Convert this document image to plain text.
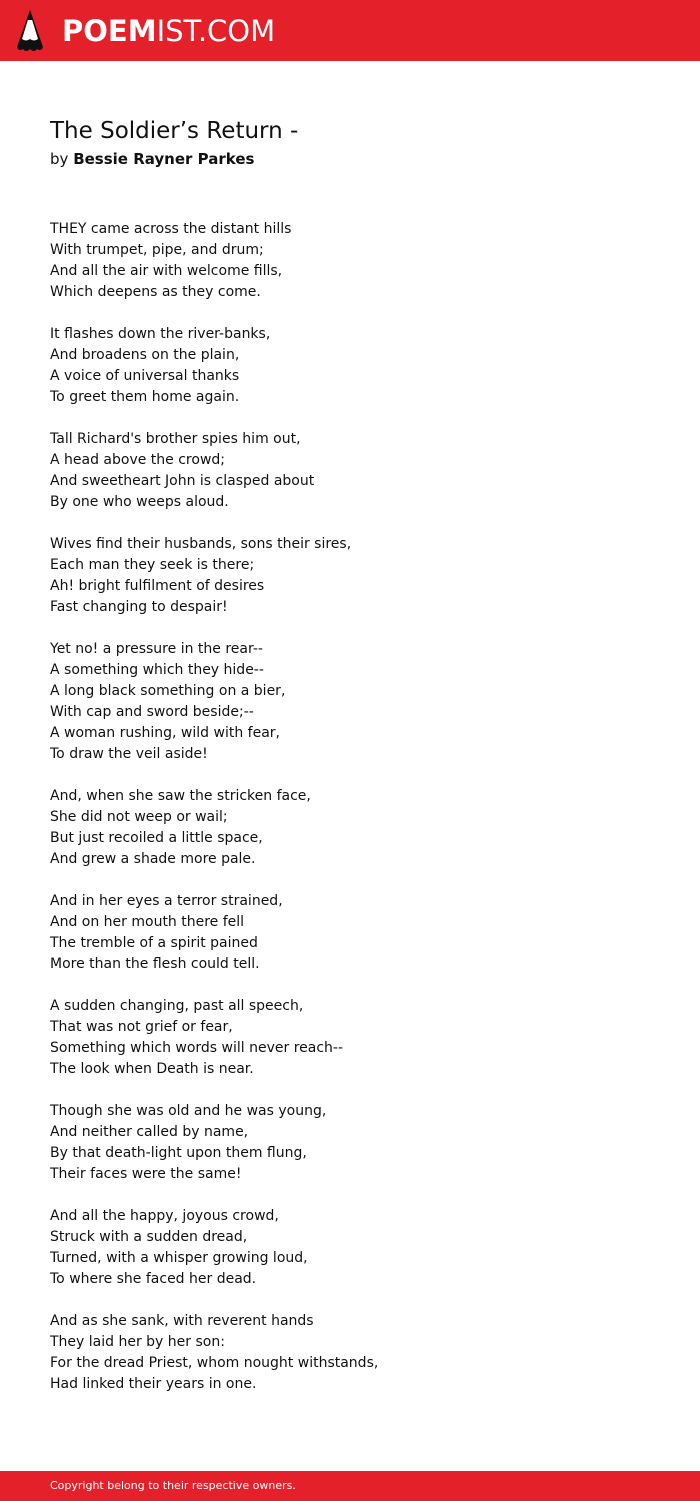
POEMIST.COM
The Soldier’s Return -
by Bessie Rayner Parkes
THEY came across the distant hills
With trumpet, pipe, and drum;
And all the air with welcome fills,
Which deepens as they come.
It flashes down the river-banks,
And broadens on the plain,
A voice of universal thanks
To greet them home again.
Tall Richard's brother spies him out,
A head above the crowd;
And sweetheart John is clasped about
By one who weeps aloud.
Wives find their husbands, sons their sires,
Each man they seek is there;
Ah! bright fulfilment of desires
Fast changing to despair!
Yet no! a pressure in the rear--
A something which they hide--
A long black something on a bier,
With cap and sword beside;--
A woman rushing, wild with fear,
To draw the veil aside!
And, when she saw the stricken face,
She did not weep or wail;
But just recoiled a little space,
And grew a shade more pale.
And in her eyes a terror strained,
And on her mouth there fell
The tremble of a spirit pained
More than the flesh could tell.
A sudden changing, past all speech,
That was not grief or fear,
Something which words will never reach--
The look when Death is near.
Though she was old and he was young,
And neither called by name,
By that death-light upon them flung,
Their faces were the same!
And all the happy, joyous crowd,
Struck with a sudden dread,
Turned, with a whisper growing loud,
To where she faced her dead.
And as she sank, with reverent hands
They laid her by her son:
For the dread Priest, whom nought withstands,
Had linked their years in one.
Copyright belong to their respective owners.
